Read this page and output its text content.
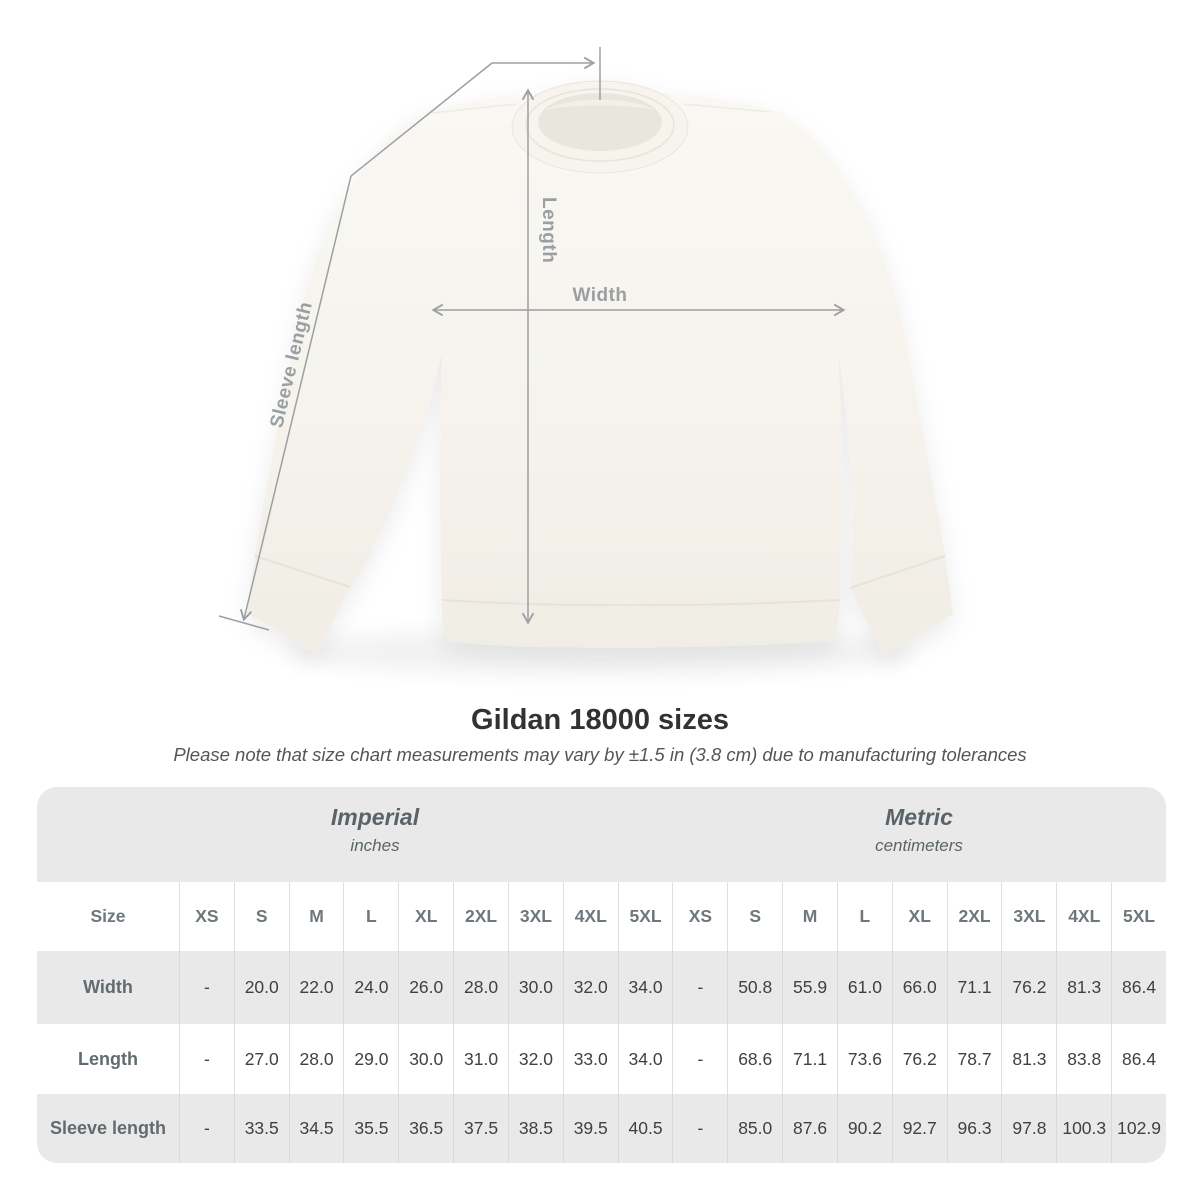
Length
Width
Sleeve length
Gildan 18000 sizes

Please note that size chart measurements may vary by ±1.5 in (3.8 cm) due to manufacturing tolerances

Imperial

inches

Metric

centimeters

Size	XS	S	M	L	XL	2XL	3XL	4XL	5XL	XS	S	M	L	XL	2XL	3XL	4XL	5XL
Width	-	20.0	22.0	24.0	26.0	28.0	30.0	32.0	34.0	-	50.8	55.9	61.0	66.0	71.1	76.2	81.3	86.4
Length	-	27.0	28.0	29.0	30.0	31.0	32.0	33.0	34.0	-	68.6	71.1	73.6	76.2	78.7	81.3	83.8	86.4
Sleeve length	-	33.5	34.5	35.5	36.5	37.5	38.5	39.5	40.5	-	85.0	87.6	90.2	92.7	96.3	97.8 100.3 102.9
